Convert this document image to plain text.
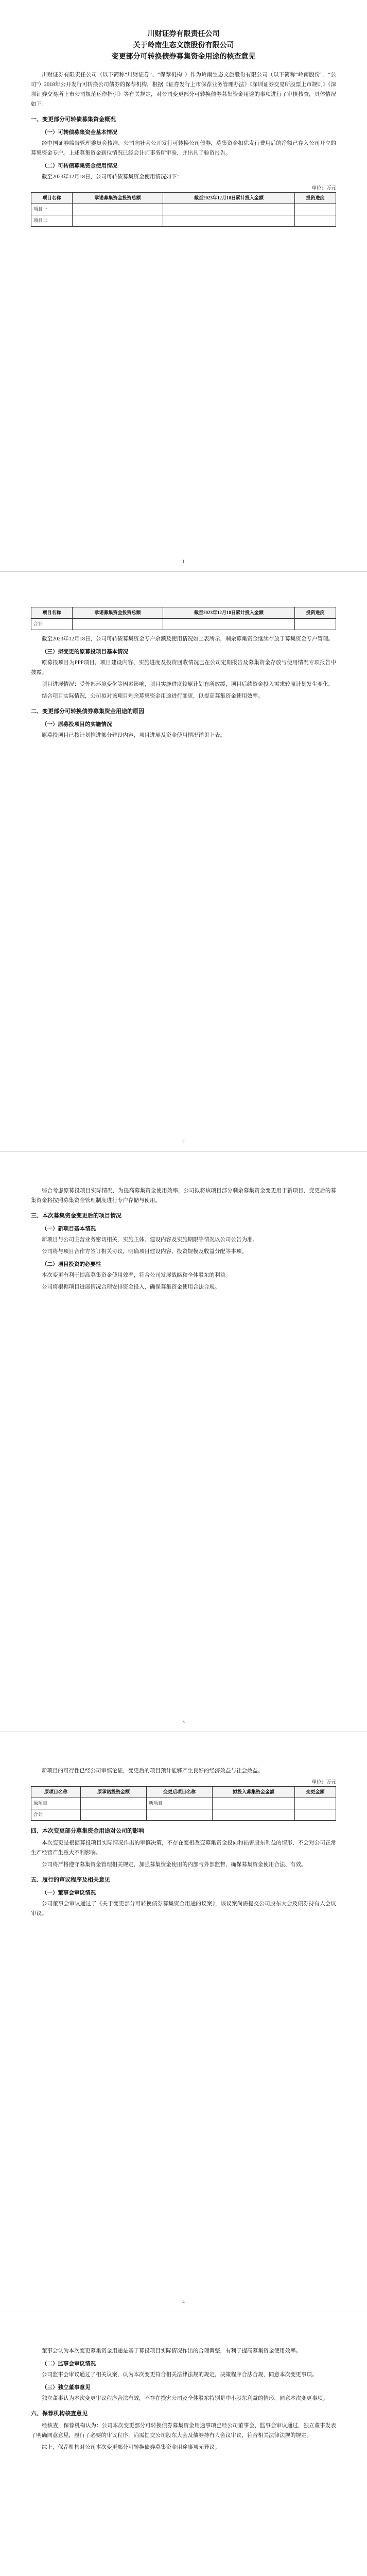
川财证券有限责任公司

关于岭南生态文旅股份有限公司

变更部分可转换债券募集资金用途的核查意见

川财证券有限责任公司（以下简称“川财证券”、“保荐机构”）作为岭南生态文旅股份有限公司（以下简称“岭南股份”、“公司”）2018年公开发行可转换公司债券的保荐机构，根据《证券发行上市保荐业务管理办法》《深圳证券交易所股票上市规则》《深圳证券交易所上市公司规范运作指引》等有关规定，对公司变更部分可转换债券募集资金用途的事项进行了审慎核查，具体情况如下：

一、变更部分可转债募集资金概况

（一）可转债募集资金基本情况

经中国证券监督管理委员会核准，公司向社会公开发行可转换公司债券，募集资金扣除发行费用后的净额已存入公司开立的募集资金专户。上述募集资金到位情况已经会计师事务所审验，并出具了验资报告。

（二）可转债募集资金使用情况

截至2023年12月18日，公司可转债募集资金使用情况如下：

单位：万元

项目名称	承诺募集资金投资总额	截至2023年12月18日累计投入金额	投资进度
项目一			
项目二			
1
项目名称	承诺募集资金投资总额	截至2023年12月18日累计投入金额	投资进度
合计			

截至2023年12月18日，公司可转债募集资金专户余额及使用情况如上表所示，剩余募集资金继续存放于募集资金专户管理。

（三）拟变更的原募投项目基本情况

原募投项目为PPP项目，项目建设内容、实施进度及投资回收情况已在公司定期报告及募集资金存放与使用情况专项报告中披露。

项目进展情况：受外部环境变化等因素影响，项目实施进度较原计划有所放缓，项目后续资金投入需求较原计划发生变化。

结合项目实际情况，公司拟对该项目剩余募集资金用途进行变更，以提高募集资金使用效率。

二、变更部分可转换债券募集资金用途的原因

（一）原募投项目的实施情况

原募投项目已按计划推进部分建设内容，项目进展及资金使用情况详见上表。

2

综合考虑原募投项目实际情况，为提高募集资金使用效率，公司拟将该项目部分剩余募集资金变更用于新项目，变更后的募集资金将按照募集资金管理制度进行专户存储与使用。

三、本次募集资金变更后的项目情况

（一）新项目基本情况

新项目与公司主营业务密切相关，实施主体、建设内容及实施期限等情况以公司公告为准。

公司将与项目合作方签订相关协议，明确项目建设内容、投资规模及收益分配等事项。

（二）项目投资的必要性

本次变更有利于提高募集资金使用效率，符合公司发展战略和全体股东的利益。

公司将根据项目进展情况合理安排资金投入，确保募集资金使用合法合规。

3

新项目的可行性已经公司审慎论证，变更后的项目预计能够产生良好的经济效益与社会效益。

单位：万元

原项目名称	原承诺投资金额	变更后项目名称	拟投入募集资金金额	变更金额
原项目		新项目		
合计				

四、本次变更部分募集资金用途对公司的影响

本次变更是根据募投项目实际情况作出的审慎决策，不存在变相改变募集资金投向和损害股东利益的情形，不会对公司正常生产经营产生重大不利影响。

公司将严格遵守募集资金管理相关规定，加强募集资金使用的内部与外部监督，确保募集资金使用合法、有效。

五、履行的审议程序及相关意见

（一）董事会审议情况

公司董事会审议通过了《关于变更部分可转换债券募集资金用途的议案》，该议案尚需提交公司股东大会及债券持有人会议审议。

4

董事会认为本次变更募集资金用途是基于募投项目实际情况作出的合理调整，有利于提高募集资金使用效率。

（二）监事会审议情况

公司监事会审议通过了相关议案，认为本次变更符合相关法律法规的规定，决策程序合法合规，同意本次变更事项。

（三）独立董事意见

独立董事认为本次变更审议程序合法有效，不存在损害公司及全体股东特别是中小股东利益的情形，同意本次变更事项。

六、保荐机构核查意见

经核查，保荐机构认为：公司本次变更部分可转换债券募集资金用途事项已经公司董事会、监事会审议通过，独立董事发表了明确同意意见，履行了必要的审议程序，尚需提交公司股东大会及债券持有人会议审议，符合相关法律法规的规定。

综上，保荐机构对公司本次变更部分可转换债券募集资金用途事项无异议。
